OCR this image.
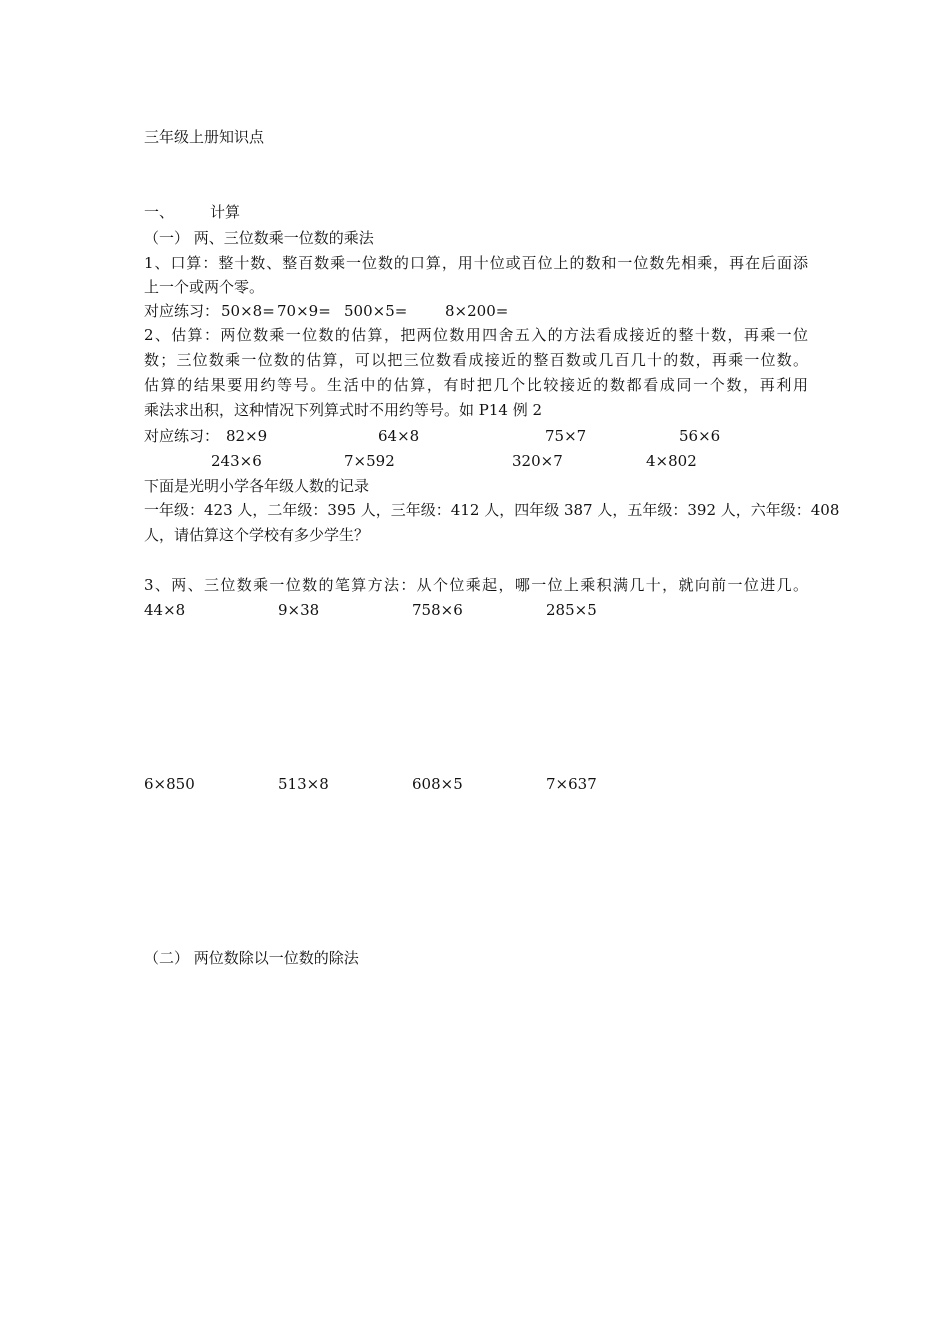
三年级上册知识点
一、 计算
（一） 两、三位数乘一位数的乘法
1、口算：整十数、整百数乘一位数的口算，用十位或百位上的数和一位数先相乘，再在后面添
上一个或两个零。
对应练习： 50×8= 70×9= 500×5=	8×200=
2、估算：两位数乘一位数的估算，把两位数用四舍五入的方法看成接近的整十数，再乘一位
数；三位数乘一位数的估算，可以把三位数看成接近的整百数或几百几十的数，再乘一位数。
估算的结果要用约等号。生活中的估算，有时把几个比较接近的数都看成同一个数，再利用
乘法求出积，这种情况下列算式时不用约等号。如 P14 例 2
对应练习： 82×9	64×8	75×7	56×6
243×6	7×592	320×7	4×802
下面是光明小学各年级人数的记录
一年级：423 人，二年级：395 人，三年级：412 人，四年级 387 人，五年级：392 人，六年级：408
人，请估算这个学校有多少学生？
3、两、三位数乘一位数的笔算方法：从个位乘起，哪一位上乘积满几十，就向前一位进几。
44×8	9×38	758×6	285×5
6×850	513×8	608×5	7×637
（二） 两位数除以一位数的除法
